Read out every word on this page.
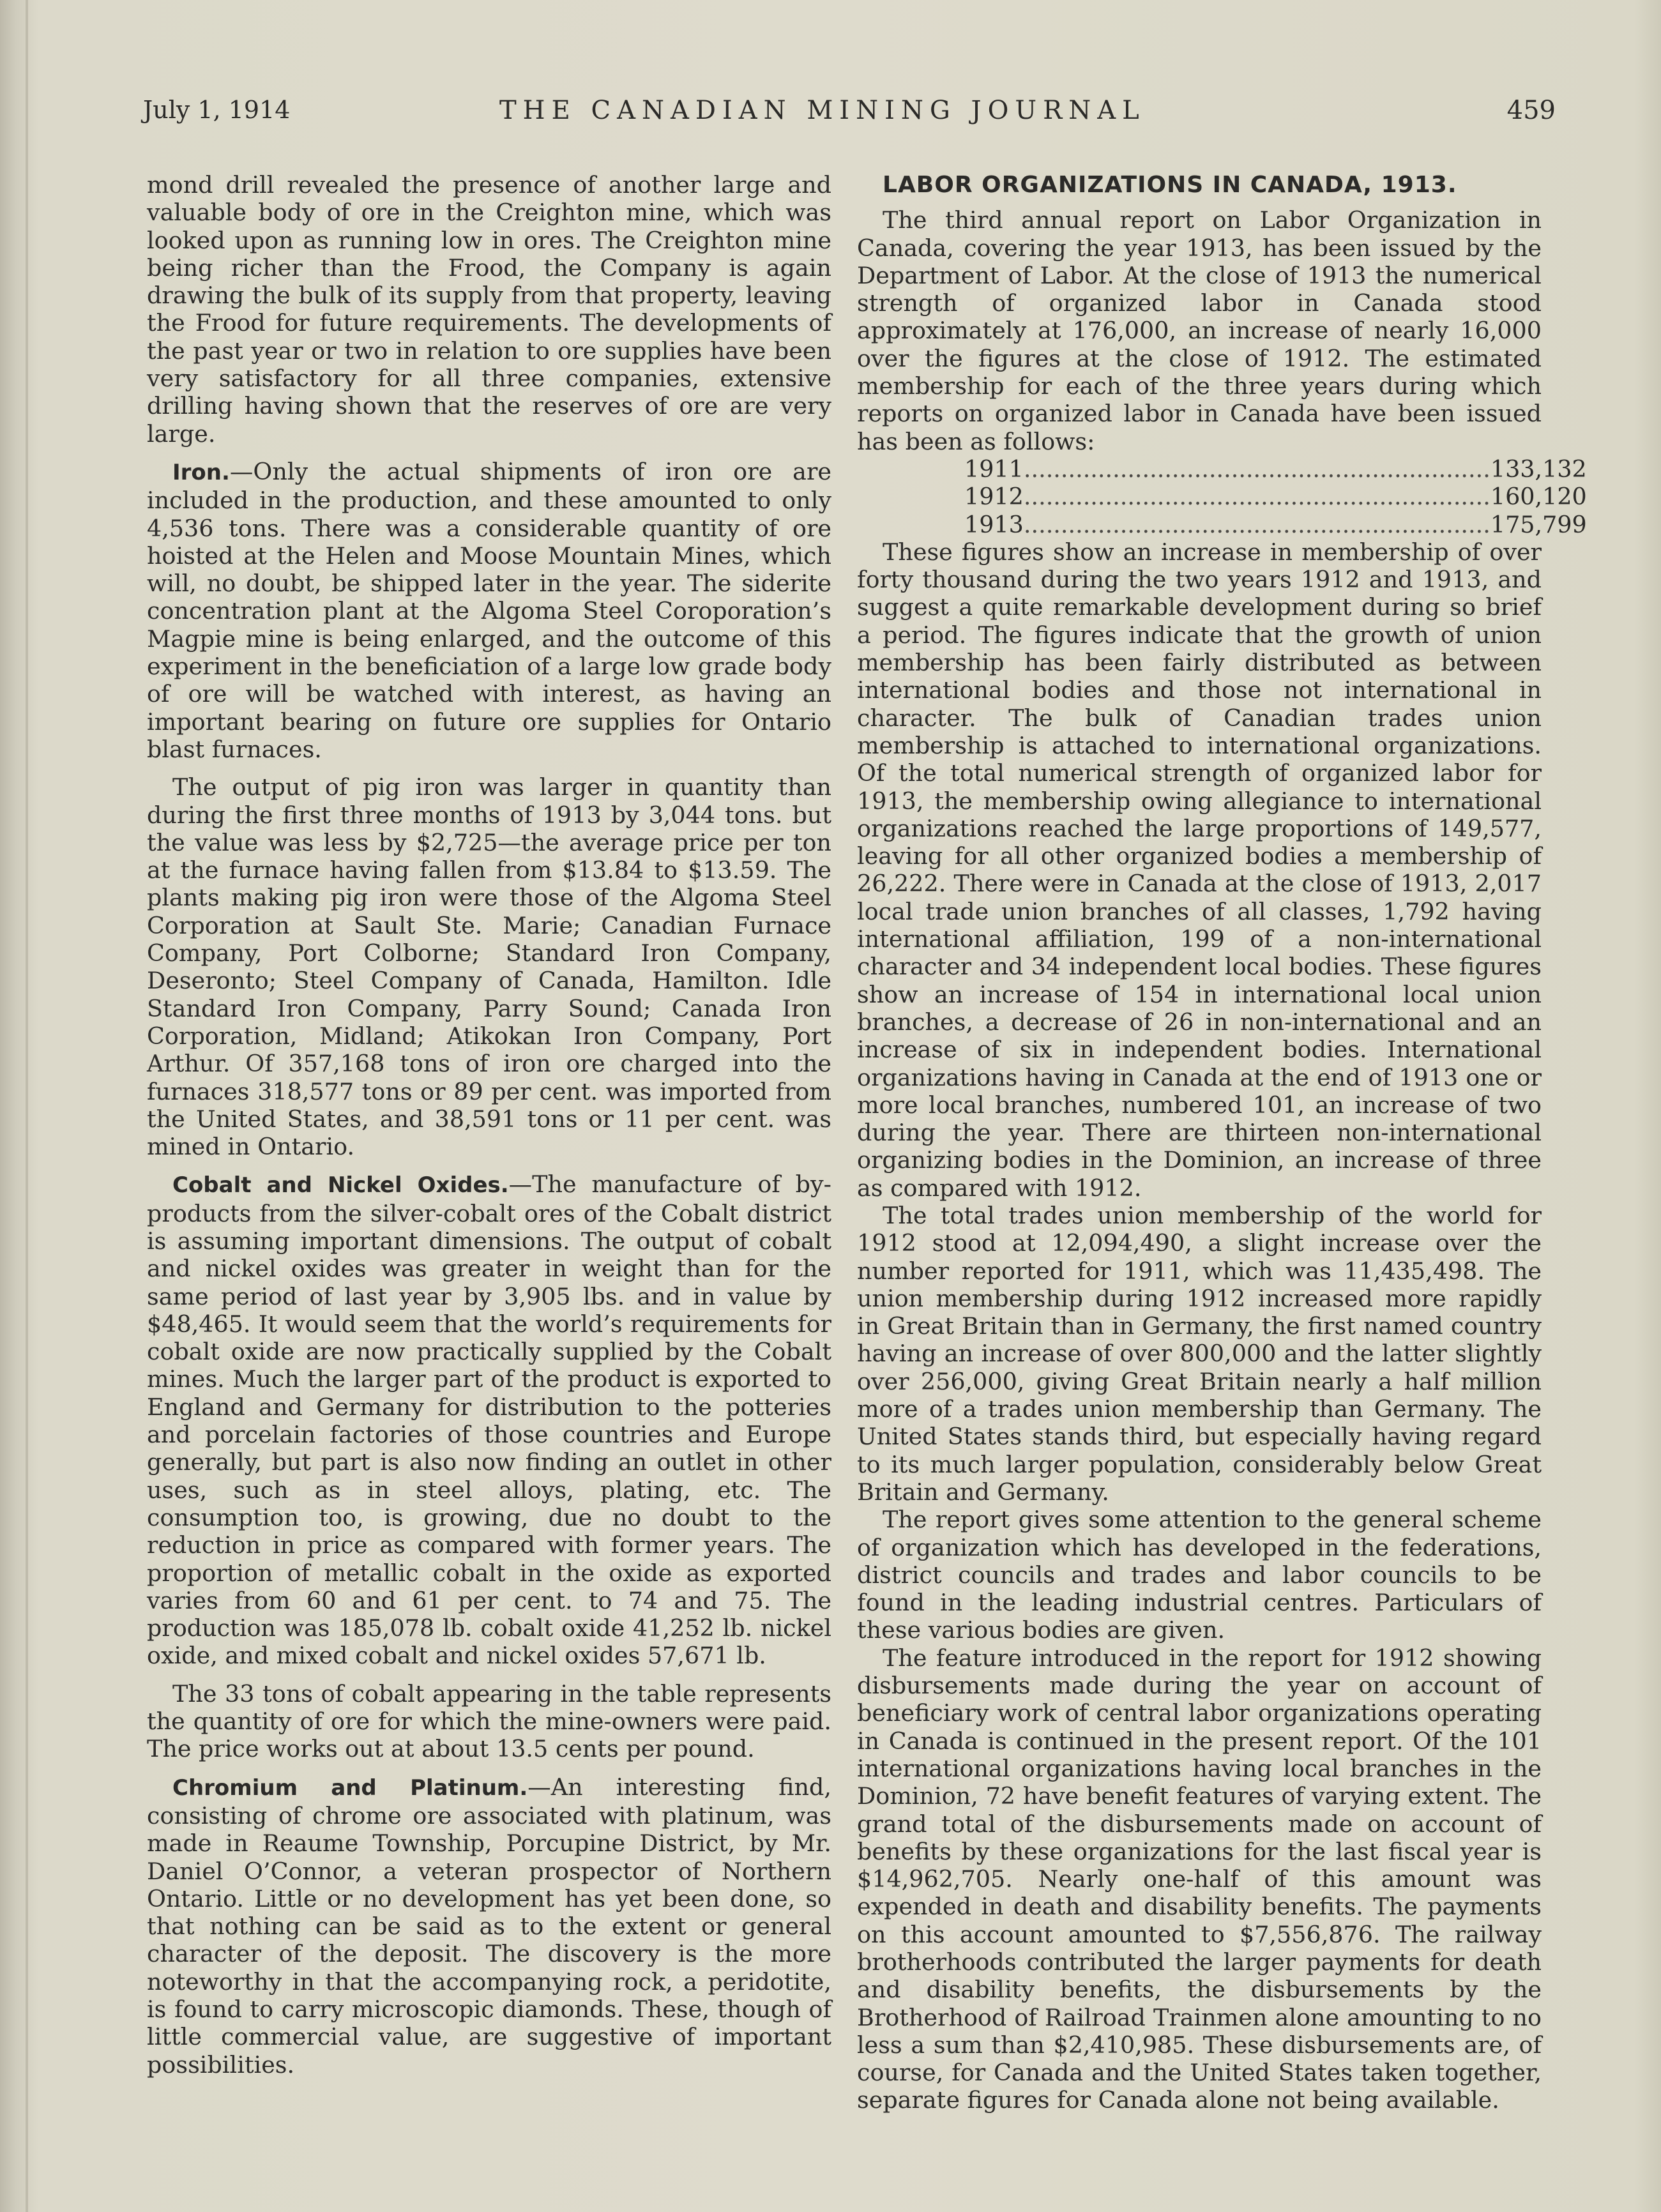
July 1, 1914	THE CANADIAN MINING JOURNAL	459

mond drill revealed the presence of another large and valuable body of ore in the Creighton mine, which was looked upon as running low in ores. The Creighton mine being richer than the Frood, the Company is again drawing the bulk of its supply from that property, leaving the Frood for future requirements. The developments of the past year or two in relation to ore supplies have been very satisfactory for all three companies, extensive drilling having shown that the reserves of ore are very large.

Iron.—Only the actual shipments of iron ore are included in the production, and these amounted to only 4,536 tons. There was a considerable quantity of ore hoisted at the Helen and Moose Mountain Mines, which will, no doubt, be shipped later in the year. The siderite concentration plant at the Algoma Steel Coroporation’s Magpie mine is being enlarged, and the outcome of this experiment in the beneficiation of a large low grade body of ore will be watched with interest, as having an important bearing on future ore supplies for Ontario blast furnaces.

The output of pig iron was larger in quantity than during the first three months of 1913 by 3,044 tons. but the value was less by $2,725—the average price per ton at the furnace having fallen from $13.84 to $13.59. The plants making pig iron were those of the Algoma Steel Corporation at Sault Ste. Marie; Canadian Furnace Company, Port Colborne; Standard Iron Company, Deseronto; Steel Company of Canada, Hamilton. Idle Standard Iron Company, Parry Sound; Canada Iron Corporation, Midland; Atikokan Iron Company, Port Arthur. Of 357,168 tons of iron ore charged into the furnaces 318,577 tons or 89 per cent. was imported from the United States, and 38,591 tons or 11 per cent. was mined in Ontario.

Cobalt and Nickel Oxides.—The manufacture of by-products from the silver-cobalt ores of the Cobalt district is assuming important dimensions. The output of cobalt and nickel oxides was greater in weight than for the same period of last year by 3,905 lbs. and in value by $48,465. It would seem that the world’s requirements for cobalt oxide are now practically supplied by the Cobalt mines. Much the larger part of the product is exported to England and Germany for distribution to the potteries and porcelain factories of those countries and Europe generally, but part is also now finding an outlet in other uses, such as in steel alloys, plating, etc. The consumption too, is growing, due no doubt to the reduction in price as compared with former years. The proportion of metallic cobalt in the oxide as exported varies from 60 and 61 per cent. to 74 and 75. The production was 185,078 lb. cobalt oxide 41,252 lb. nickel oxide, and mixed cobalt and nickel oxides 57,671 lb.

The 33 tons of cobalt appearing in the table represents the quantity of ore for which the mine-owners were paid. The price works out at about 13.5 cents per pound.

Chromium and Platinum.—An interesting find, consisting of chrome ore associated with platinum, was made in Reaume Township, Porcupine District, by Mr. Daniel O’Connor, a veteran prospector of Northern Ontario. Little or no development has yet been done, so that nothing can be said as to the extent or general character of the deposit. The discovery is the more noteworthy in that the accompanying rock, a peridotite, is found to carry microscopic diamonds. These, though of little commercial value, are suggestive of important possibilities.

LABOR ORGANIZATIONS IN CANADA, 1913.

The third annual report on Labor Organization in Canada, covering the year 1913, has been issued by the Department of Labor. At the close of 1913 the numerical strength of organized labor in Canada stood approximately at 176,000, an increase of nearly 16,000 over the figures at the close of 1912. The estimated membership for each of the three years during which reports on organized labor in Canada have been issued has been as follows:

1911 ............................................................... 133,132
1912 ............................................................... 160,120
1913 ............................................................... 175,799

These figures show an increase in membership of over forty thousand during the two years 1912 and 1913, and suggest a quite remarkable development during so brief a period. The figures indicate that the growth of union membership has been fairly distributed as between international bodies and those not international in character. The bulk of Canadian trades union membership is attached to international organizations. Of the total numerical strength of organized labor for 1913, the membership owing allegiance to international organizations reached the large proportions of 149,577, leaving for all other organized bodies a membership of 26,222. There were in Canada at the close of 1913, 2,017 local trade union branches of all classes, 1,792 having international affiliation, 199 of a non-international character and 34 independent local bodies. These figures show an increase of 154 in international local union branches, a decrease of 26 in non-international and an increase of six in independent bodies. International organizations having in Canada at the end of 1913 one or more local branches, numbered 101, an increase of two during the year. There are thirteen non-international organizing bodies in the Dominion, an increase of three as compared with 1912.

The total trades union membership of the world for 1912 stood at 12,094,490, a slight increase over the number reported for 1911, which was 11,435,498. The union membership during 1912 increased more rapidly in Great Britain than in Germany, the first named country having an increase of over 800,000 and the latter slightly over 256,000, giving Great Britain nearly a half million more of a trades union membership than Germany. The United States stands third, but especially having regard to its much larger population, considerably below Great Britain and Germany.

The report gives some attention to the general scheme of organization which has developed in the federations, district councils and trades and labor councils to be found in the leading industrial centres. Particulars of these various bodies are given.

The feature introduced in the report for 1912 showing disbursements made during the year on account of beneficiary work of central labor organizations operating in Canada is continued in the present report. Of the 101 international organizations having local branches in the Dominion, 72 have benefit features of varying extent. The grand total of the disbursements made on account of benefits by these organizations for the last fiscal year is $14,962,705. Nearly one-half of this amount was expended in death and disability benefits. The payments on this account amounted to $7,556,876. The railway brotherhoods contributed the larger payments for death and disability benefits, the disbursements by the Brotherhood of Railroad Trainmen alone amounting to no less a sum than $2,410,985. These disbursements are, of course, for Canada and the United States taken together, separate figures for Canada alone not being available.
